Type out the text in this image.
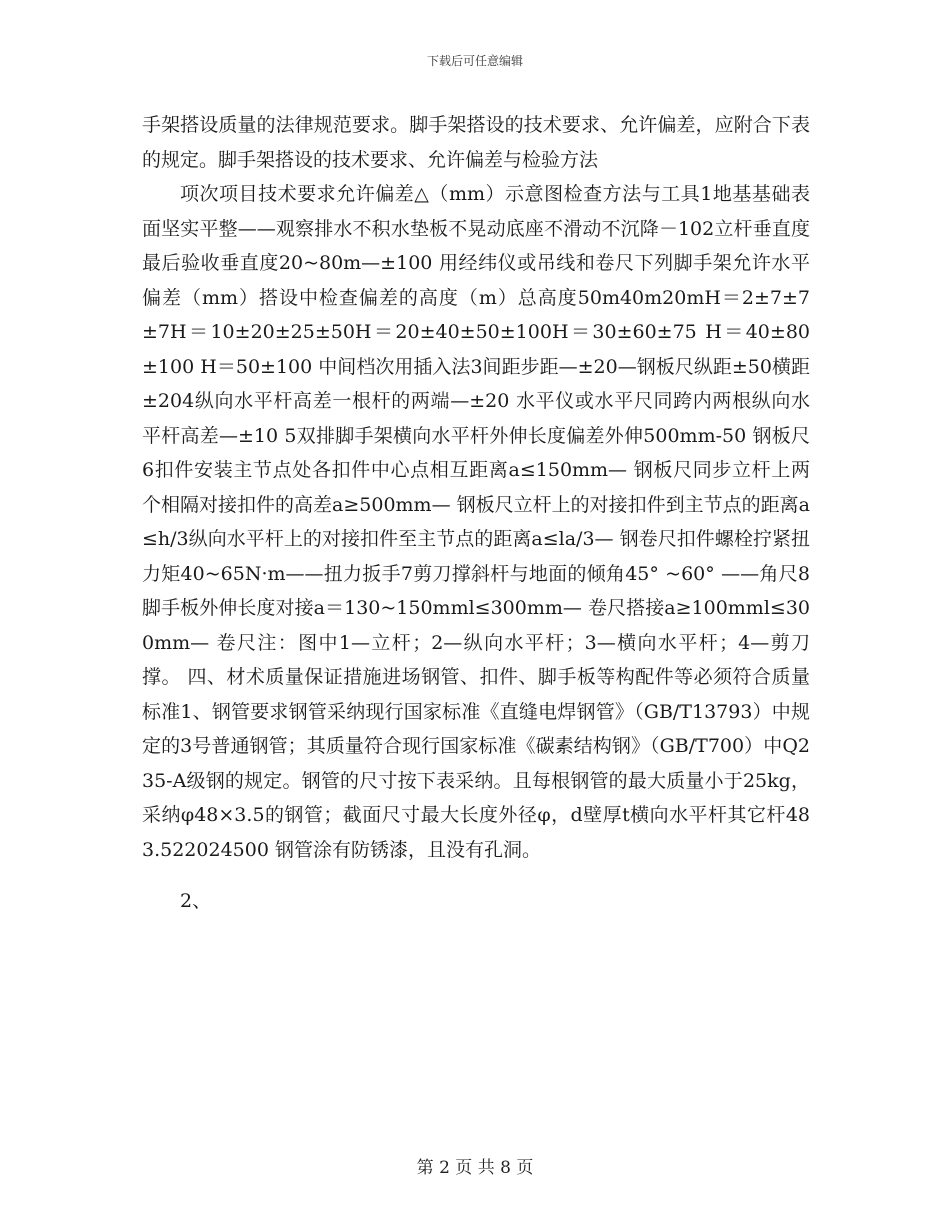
下载后可任意编辑

手架搭设质量的法律规范要求。脚手架搭设的技术要求、允许偏差，应附合下表的规定。脚手架搭设的技术要求、允许偏差与检验方法

项次项目技术要求允许偏差△（mm）示意图检查方法与工具1地基基础表面坚实平整——观察排水不积水垫板不晃动底座不滑动不沉降－102立杆垂直度最后验收垂直度20~80m—±100 用经纬仪或吊线和卷尺下列脚手架允许水平偏差（mm）搭设中检查偏差的高度（m）总高度50m40m20mH＝2±7±7±7H＝10±20±25±50H＝20±40±50±100H＝30±60±75 H＝40±80±100 H＝50±100 中间档次用插入法3间距步距—±20—钢板尺纵距±50横距±204纵向水平杆高差一根杆的两端—±20 水平仪或水平尺同跨内两根纵向水平杆高差—±10 5双排脚手架横向水平杆外伸长度偏差外伸500mm-50 钢板尺6扣件安装主节点处各扣件中心点相互距离a≤150mm— 钢板尺同步立杆上两个相隔对接扣件的高差a≥500mm— 钢板尺立杆上的对接扣件到主节点的距离a≤h/3纵向水平杆上的对接扣件至主节点的距离a≤la/3— 钢卷尺扣件螺栓拧紧扭力矩40~65N·m——扭力扳手7剪刀撑斜杆与地面的倾角45° ~60° ——角尺8脚手板外伸长度对接a＝130~150mml≤300mm— 卷尺搭接a≥100mml≤300mm— 卷尺注：图中1—立杆；2—纵向水平杆；3—横向水平杆；4—剪刀撑。 四、材术质量保证措施进场钢管、扣件、脚手板等构配件等必须符合质量标准1、钢管要求钢管采纳现行国家标准《直缝电焊钢管》（GB/T13793）中规定的3号普通钢管；其质量符合现行国家标准《碳素结构钢》（GB/T700）中Q235-A级钢的规定。钢管的尺寸按下表采纳。且每根钢管的最大质量小于25kg，采纳φ48×3.5的钢管；截面尺寸最大长度外径φ，d壁厚t横向水平杆其它杆483.522024500 钢管涂有防锈漆，且没有孔洞。

2、

第 2 页 共 8 页
